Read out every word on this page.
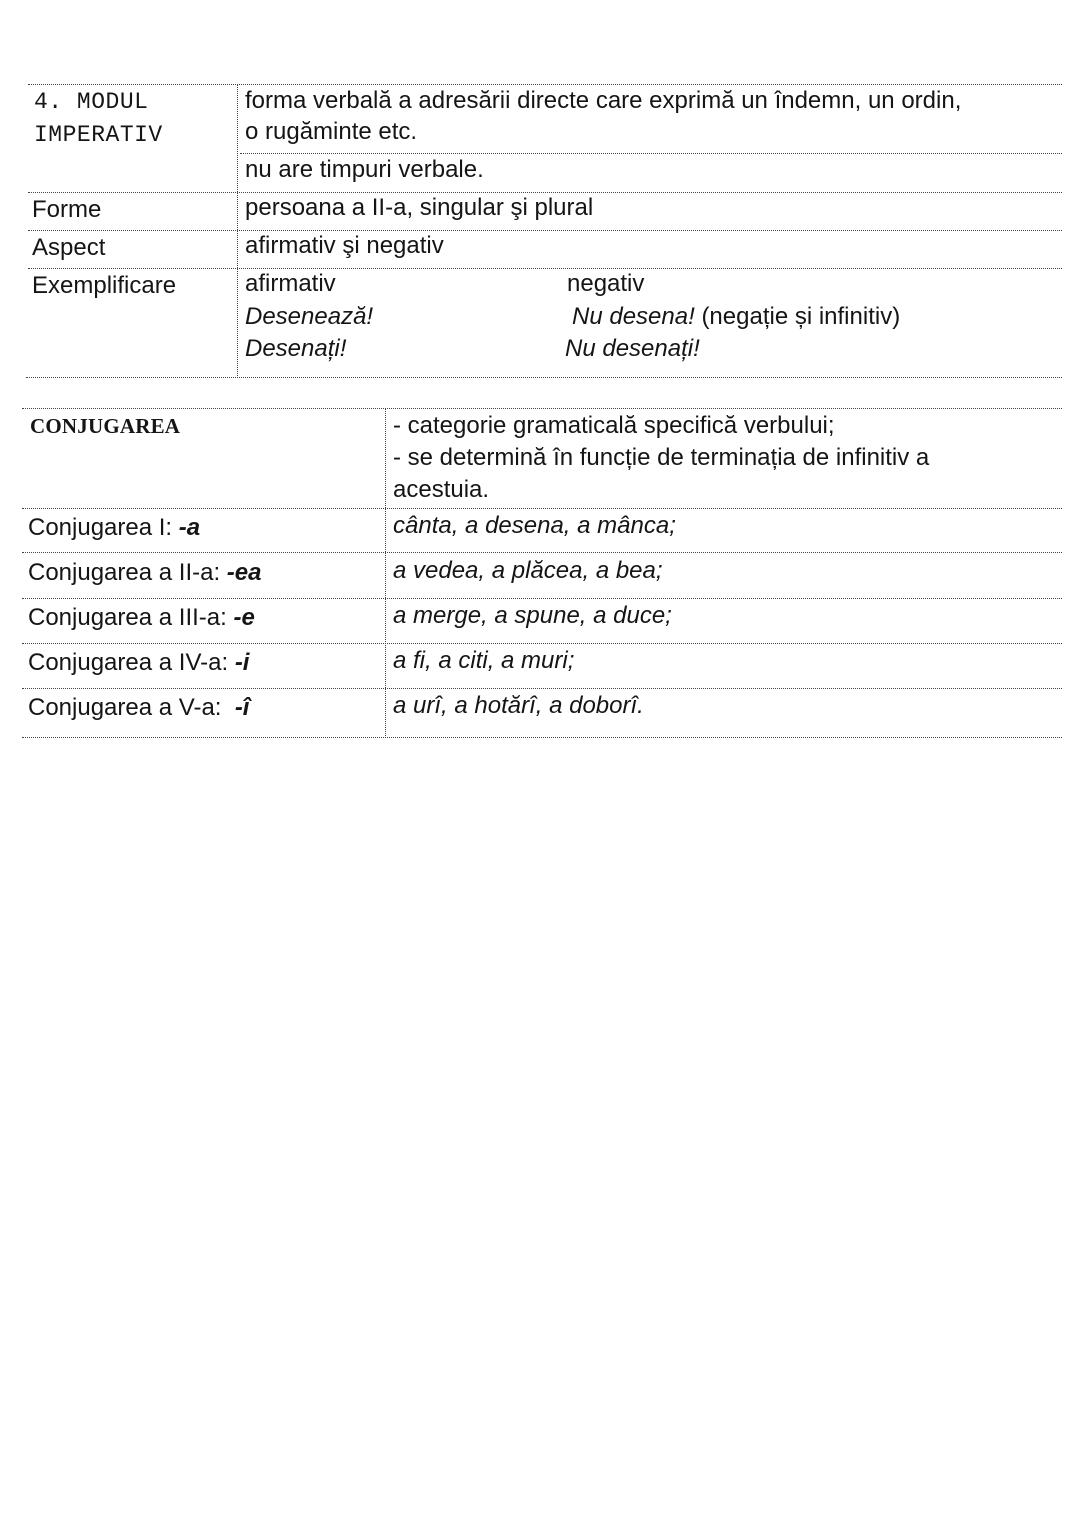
4. MODUL
IMPERATIV
forma verbală a adresării directe care exprimă un îndemn, un ordin,
o rugăminte etc.
nu are timpuri verbale.
Forme	persoana a II-a, singular şi plural
Aspect	afirmativ şi negativ
Exemplificare	afirmativ	negativ
Desenează!	Nu desena! (negație și infinitiv)
Desenați!	Nu desenați!
CONJUGAREA	- categorie gramaticală specifică verbului;
- se determină în funcție de terminația de infinitiv a
acestuia.
Conjugarea I: -a	cânta, a desena, a mânca;
Conjugarea a II-a: -ea	a vedea, a plăcea, a bea;
Conjugarea a III-a: -e	a merge, a spune, a duce;
Conjugarea a IV-a: -i	a fi, a citi, a muri;
Conjugarea a V-a:  -î	a urî, a hotărî, a doborî.
